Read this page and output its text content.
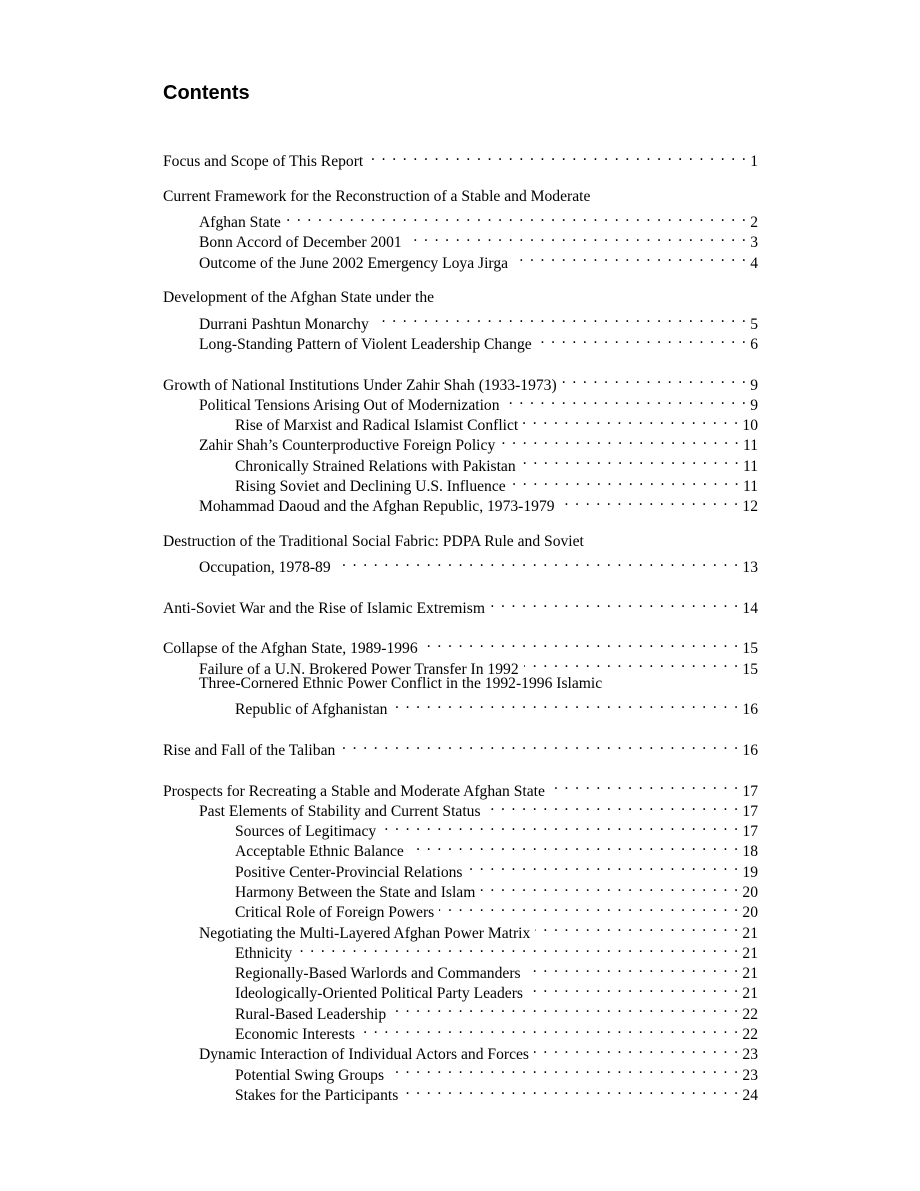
Contents
Focus and Scope of This Report . . .	1
Current Framework for the Reconstruction of a Stable and Moderate
Afghan State . . .	2
Bonn Accord of December 2001 . . .	3
Outcome of the June 2002 Emergency Loya Jirga . . .	4
Development of the Afghan State under the
Durrani Pashtun Monarchy . . .	5
Long-Standing Pattern of Violent Leadership Change . . .	6
Growth of National Institutions Under Zahir Shah (1933-1973) . . .	9
Political Tensions Arising Out of Modernization . . .	9
Rise of Marxist and Radical Islamist Conflict . . .	10
Zahir Shah’s Counterproductive Foreign Policy . . .	11
Chronically Strained Relations with Pakistan . . .	11
Rising Soviet and Declining U.S. Influence . . .	11
Mohammad Daoud and the Afghan Republic, 1973-1979 . . .	12
Destruction of the Traditional Social Fabric: PDPA Rule and Soviet
Occupation, 1978-89 . . .	13
Anti-Soviet War and the Rise of Islamic Extremism . . .	14
Collapse of the Afghan State, 1989-1996 . . .	15
Failure of a U.N. Brokered Power Transfer In 1992 . . .	15
Three-Cornered Ethnic Power Conflict in the 1992-1996 Islamic
Republic of Afghanistan . . .	16
Rise and Fall of the Taliban . . .	16
Prospects for Recreating a Stable and Moderate Afghan State . . .	17
Past Elements of Stability and Current Status . . .	17
Sources of Legitimacy . . .	17
Acceptable Ethnic Balance . . .	18
Positive Center-Provincial Relations . . .	19
Harmony Between the State and Islam . . .	20
Critical Role of Foreign Powers . . .	20
Negotiating the Multi-Layered Afghan Power Matrix . . .	21
Ethnicity . . .	21
Regionally-Based Warlords and Commanders . . .	21
Ideologically-Oriented Political Party Leaders . . .	21
Rural-Based Leadership . . .	22
Economic Interests . . .	22
Dynamic Interaction of Individual Actors and Forces . . .	23
Potential Swing Groups . . .	23
Stakes for the Participants . . .	24
